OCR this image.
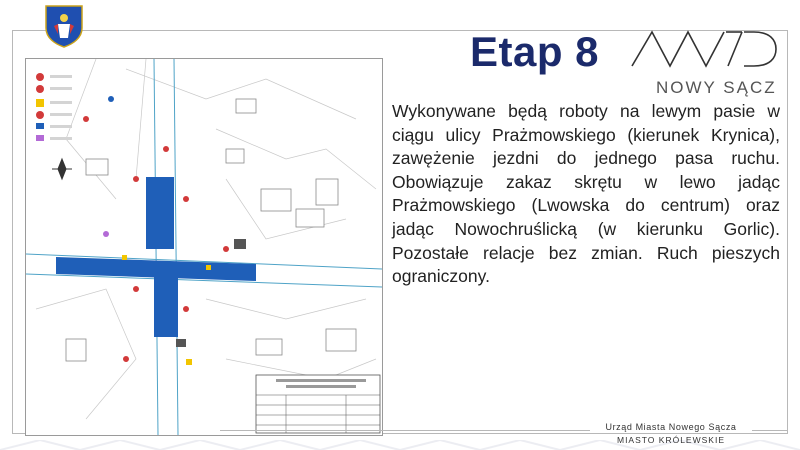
Etap 8
NOWY SĄCZ
Wykonywane będą roboty na lewym pasie w ciągu ulicy Prażmowskiego (kierunek Krynica), zawężenie jezdni do jednego pasa ruchu. Obowiązuje zakaz skrętu w lewo jadąc Prażmowskiego (Lwowska do centrum) oraz jadąc Nowochruślicką (w kierunku Gorlic). Pozostałe relacje bez zmian. Ruch pieszych ograniczony.
Urząd Miasta Nowego Sącza
MIASTO KRÓLEWSKIE
